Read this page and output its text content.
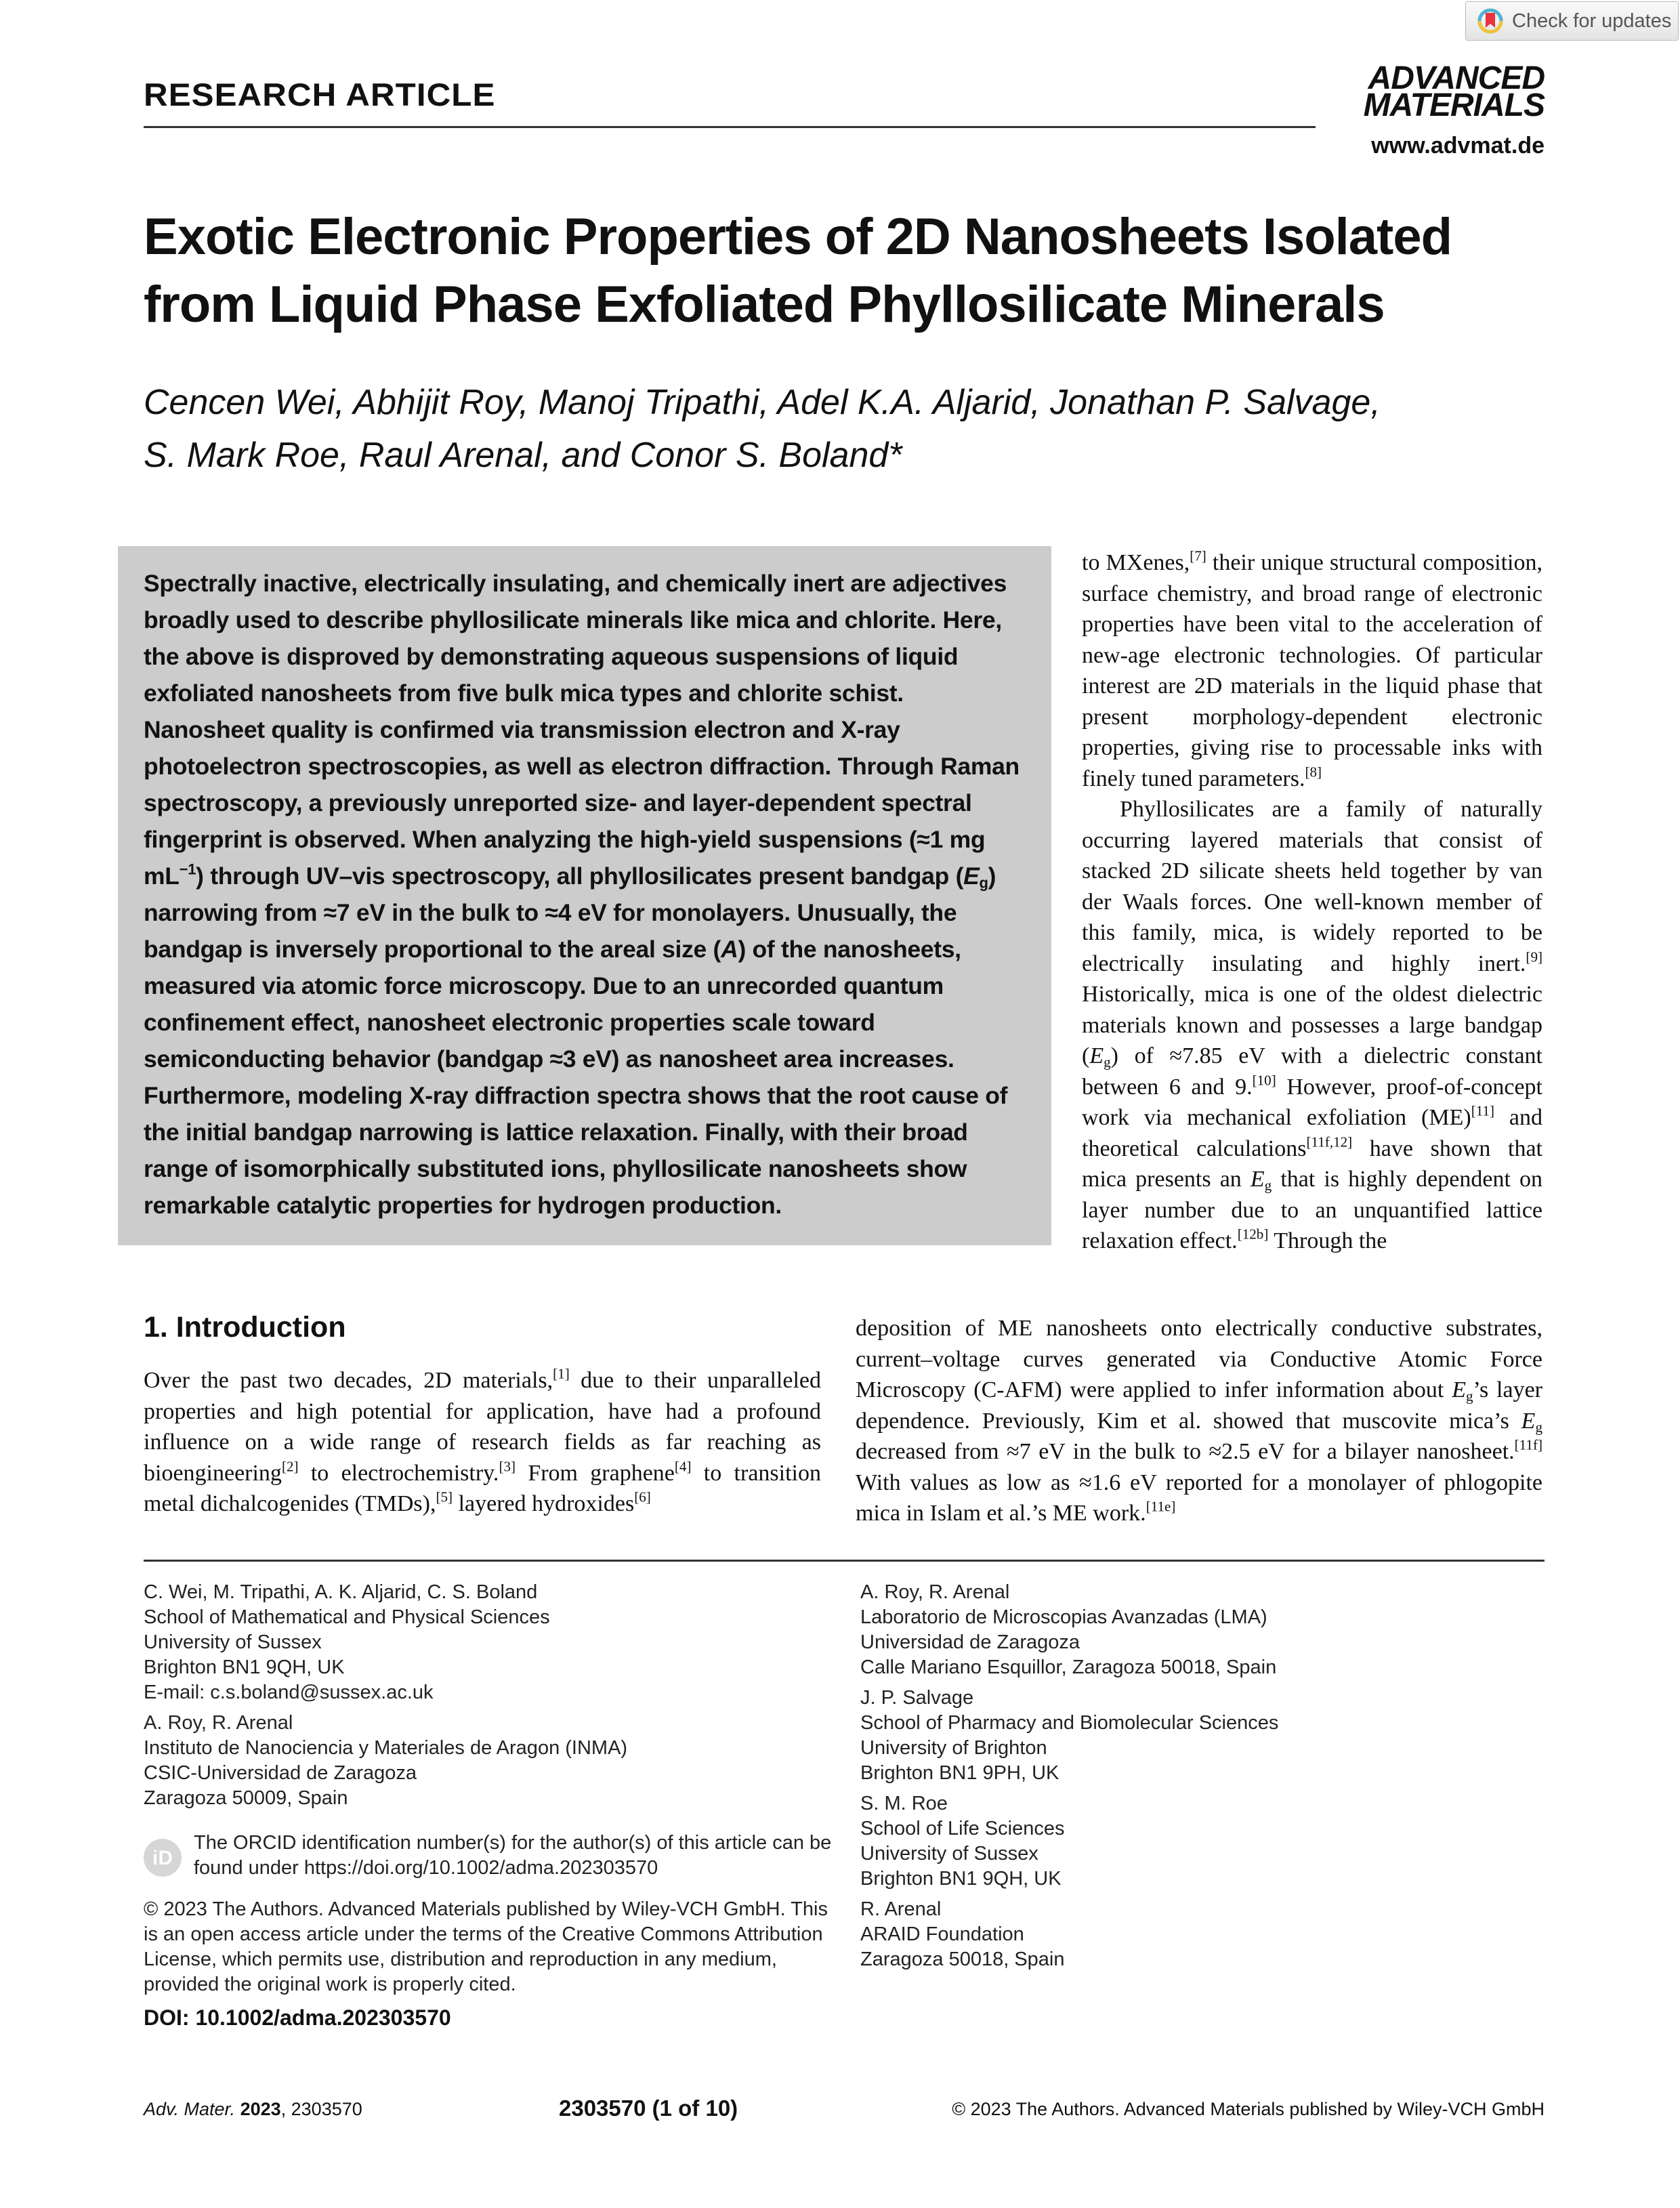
Check for updates
RESEARCH ARTICLE	ADVANCED
MATERIALS
www.advmat.de
Exotic Electronic Properties of 2D Nanosheets Isolated from Liquid Phase Exfoliated Phyllosilicate Minerals
Cencen Wei, Abhijit Roy, Manoj Tripathi, Adel K.A. Aljarid, Jonathan P. Salvage,
S. Mark Roe, Raul Arenal, and Conor S. Boland*
Spectrally inactive, electrically insulating, and chemically inert are adjectives broadly used to describe phyllosilicate minerals like mica and chlorite. Here, the above is disproved by demonstrating aqueous suspensions of liquid exfoliated nanosheets from five bulk mica types and chlorite schist. Nanosheet quality is confirmed via transmission electron and X-ray photoelectron spectroscopies, as well as electron diffraction. Through Raman spectroscopy, a previously unreported size- and layer-dependent spectral fingerprint is observed. When analyzing the high-yield suspensions (≈1 mg $mL^{-1}$) through UV–vis spectroscopy, all phyllosilicates present bandgap $(E_g)$ narrowing from ≈7 eV in the bulk to ≈4 eV for monolayers. Unusually, the bandgap is inversely proportional to the areal size (A) of the nanosheets, measured via atomic force microscopy. Due to an unrecorded quantum confinement effect, nanosheet electronic properties scale toward semiconducting behavior (bandgap ≈3 eV) as nanosheet area increases. Furthermore, modeling X-ray diffraction spectra shows that the root cause of the initial bandgap narrowing is lattice relaxation. Finally, with their broad range of isomorphically substituted ions, phyllosilicate nanosheets show remarkable catalytic properties for hydrogen production.

to MXenes,[7] their unique structural composition, surface chemistry, and broad range of electronic properties have been vital to the acceleration of new-age electronic technologies. Of particular interest are 2D materials in the liquid phase that present morphology-dependent electronic properties, giving rise to processable inks with finely tuned parameters.[8]

Phyllosilicates are a family of naturally occurring layered materials that consist of stacked 2D silicate sheets held together by van der Waals forces. One well-known member of this family, mica, is widely reported to be electrically insulating and highly inert.[9] Historically, mica is one of the oldest dielectric materials known and possesses a large bandgap $(E_g)$ of ≈7.85 eV with a dielectric constant between 6 and 9.[10] However, proof-of-concept work via mechanical exfoliation (ME)[11] and theoretical calculations[11f,12] have shown that mica presents an $E_g$ that is highly dependent on layer number due to an unquantified lattice relaxation effect.[12b] Through the

1. Introduction
Over the past two decades, 2D materials,[1] due to their unparalleled properties and high potential for application, have had a profound influence on a wide range of research fields as far reaching as bioengineering[2] to electrochemistry.[3] From graphene[4] to transition metal dichalcogenides (TMDs),[5] layered hydroxides[6]
deposition of ME nanosheets onto electrically conductive substrates, current–voltage curves generated via Conductive Atomic Force Microscopy (C-AFM) were applied to infer information about $E_g’s$ layer dependence. Previously, Kim et al. showed that muscovite mica’s $E_g$ decreased from ≈7 eV in the bulk to ≈2.5 eV for a bilayer nanosheet.[11f] With values as low as ≈1.6 eV reported for a monolayer of phlogopite mica in Islam et al.’s ME work.[11e]
C. Wei, M. Tripathi, A. K. Aljarid, C. S. Boland
School of Mathematical and Physical Sciences
University of Sussex
Brighton BN1 9QH, UK
E-mail: c.s.boland@sussex.ac.uk
A. Roy, R. Arenal
Instituto de Nanociencia y Materiales de Aragon (INMA)
CSIC-Universidad de Zaragoza
Zaragoza 50009, Spain
A. Roy, R. Arenal
Laboratorio de Microscopias Avanzadas (LMA)
Universidad de Zaragoza
Calle Mariano Esquillor, Zaragoza 50018, Spain
J. P. Salvage
School of Pharmacy and Biomolecular Sciences
University of Brighton
Brighton BN1 9PH, UK
S. M. Roe
School of Life Sciences
University of Sussex
Brighton BN1 9QH, UK
R. Arenal
ARAID Foundation
Zaragoza 50018, Spain
iD
The ORCID identification number(s) for the author(s) of this article can be found under https://doi.org/10.1002/adma.202303570
© 2023 The Authors. Advanced Materials published by Wiley-VCH GmbH. This is an open access article under the terms of the Creative Commons Attribution License, which permits use, distribution and reproduction in any medium, provided the original work is properly cited.
DOI: 10.1002/adma.202303570
Adv. Mater. 2023, 2303570	2303570 (1 of 10)	© 2023 The Authors. Advanced Materials published by Wiley-VCH GmbH
